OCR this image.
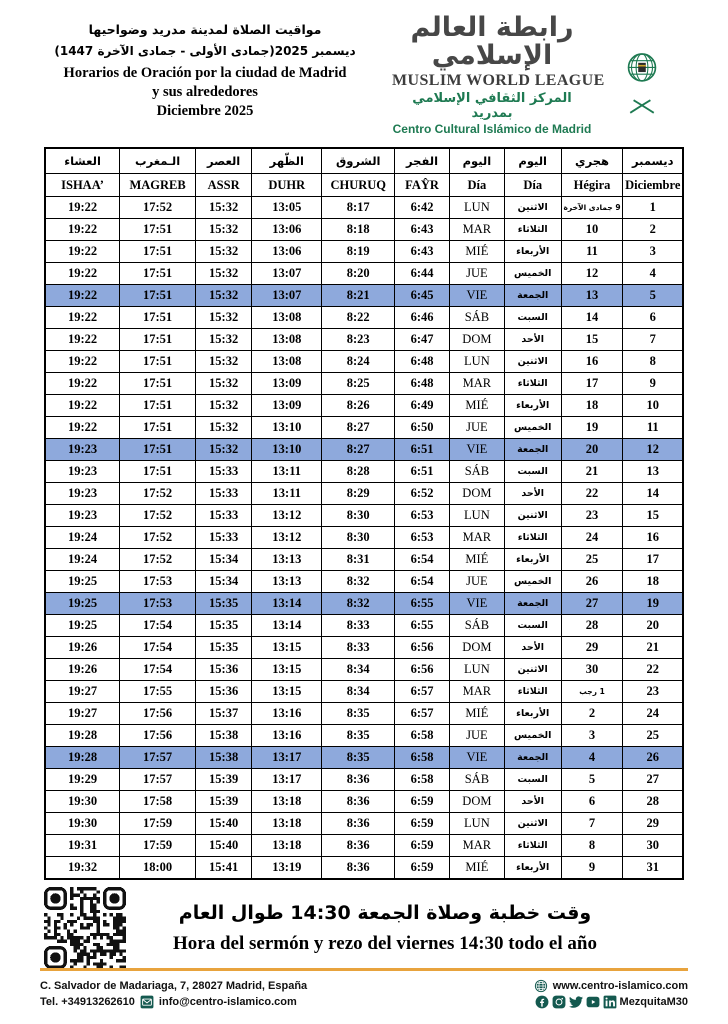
مواقيت الصلاة لمدينة مدريد وضواحيها
ديسمبر 2025(جمادى الأولى - جمادى الآخرة 1447)
Horarios de Oración por la ciudad de Madrid
y sus alrededores
Diciembre 2025
رابطة العالم الإسلامي
MUSLIM WORLD LEAGUE
المركز الثقافي الإسلامي بمدريد
Centro Cultural Islámico de Madrid
العشاء	الـمغرب	العصر	الظّهر	الشروق	الفجر	اليوم	اليوم	هجري	ديسمبر
ISHAA’	MAGREB	ASSR	DUHR	CHURUQ	FAŶR	Día	Día	Hégira	Diciembre
19:22	17:52	15:32	13:05	8:17	6:42	LUN	الاثنين	9 جمادى الآخرة	1
19:22	17:51	15:32	13:06	8:18	6:43	MAR	الثلاثاء	10	2
19:22	17:51	15:32	13:06	8:19	6:43	MIÉ	الأربعاء	11	3
19:22	17:51	15:32	13:07	8:20	6:44	JUE	الخميس	12	4
19:22	17:51	15:32	13:07	8:21	6:45	VIE	الجمعة	13	5
19:22	17:51	15:32	13:08	8:22	6:46	SÁB	السبت	14	6
19:22	17:51	15:32	13:08	8:23	6:47	DOM	الأحد	15	7
19:22	17:51	15:32	13:08	8:24	6:48	LUN	الاثنين	16	8
19:22	17:51	15:32	13:09	8:25	6:48	MAR	الثلاثاء	17	9
19:22	17:51	15:32	13:09	8:26	6:49	MIÉ	الأربعاء	18	10
19:22	17:51	15:32	13:10	8:27	6:50	JUE	الخميس	19	11
19:23	17:51	15:32	13:10	8:27	6:51	VIE	الجمعة	20	12
19:23	17:51	15:33	13:11	8:28	6:51	SÁB	السبت	21	13
19:23	17:52	15:33	13:11	8:29	6:52	DOM	الأحد	22	14
19:23	17:52	15:33	13:12	8:30	6:53	LUN	الاثنين	23	15
19:24	17:52	15:33	13:12	8:30	6:53	MAR	الثلاثاء	24	16
19:24	17:52	15:34	13:13	8:31	6:54	MIÉ	الأربعاء	25	17
19:25	17:53	15:34	13:13	8:32	6:54	JUE	الخميس	26	18
19:25	17:53	15:35	13:14	8:32	6:55	VIE	الجمعة	27	19
19:25	17:54	15:35	13:14	8:33	6:55	SÁB	السبت	28	20
19:26	17:54	15:35	13:15	8:33	6:56	DOM	الأحد	29	21
19:26	17:54	15:36	13:15	8:34	6:56	LUN	الاثنين	30	22
19:27	17:55	15:36	13:15	8:34	6:57	MAR	الثلاثاء	1 رجب	23
19:27	17:56	15:37	13:16	8:35	6:57	MIÉ	الأربعاء	2	24
19:28	17:56	15:38	13:16	8:35	6:58	JUE	الخميس	3	25
19:28	17:57	15:38	13:17	8:35	6:58	VIE	الجمعة	4	26
19:29	17:57	15:39	13:17	8:36	6:58	SÁB	السبت	5	27
19:30	17:58	15:39	13:18	8:36	6:59	DOM	الأحد	6	28
19:30	17:59	15:40	13:18	8:36	6:59	LUN	الاثنين	7	29
19:31	17:59	15:40	13:18	8:36	6:59	MAR	الثلاثاء	8	30
19:32	18:00	15:41	13:19	8:36	6:59	MIÉ	الأربعاء	9	31
وقت خطبة وصلاة الجمعة 14:30 طوال العام
Hora del sermón y rezo del viernes 14:30 todo el año
C. Salvador de Madariaga, 7, 28027 Madrid, España
Tel. +34913262610 info@centro-islamico.com
www.centro-islamico.com
MezquitaM30
